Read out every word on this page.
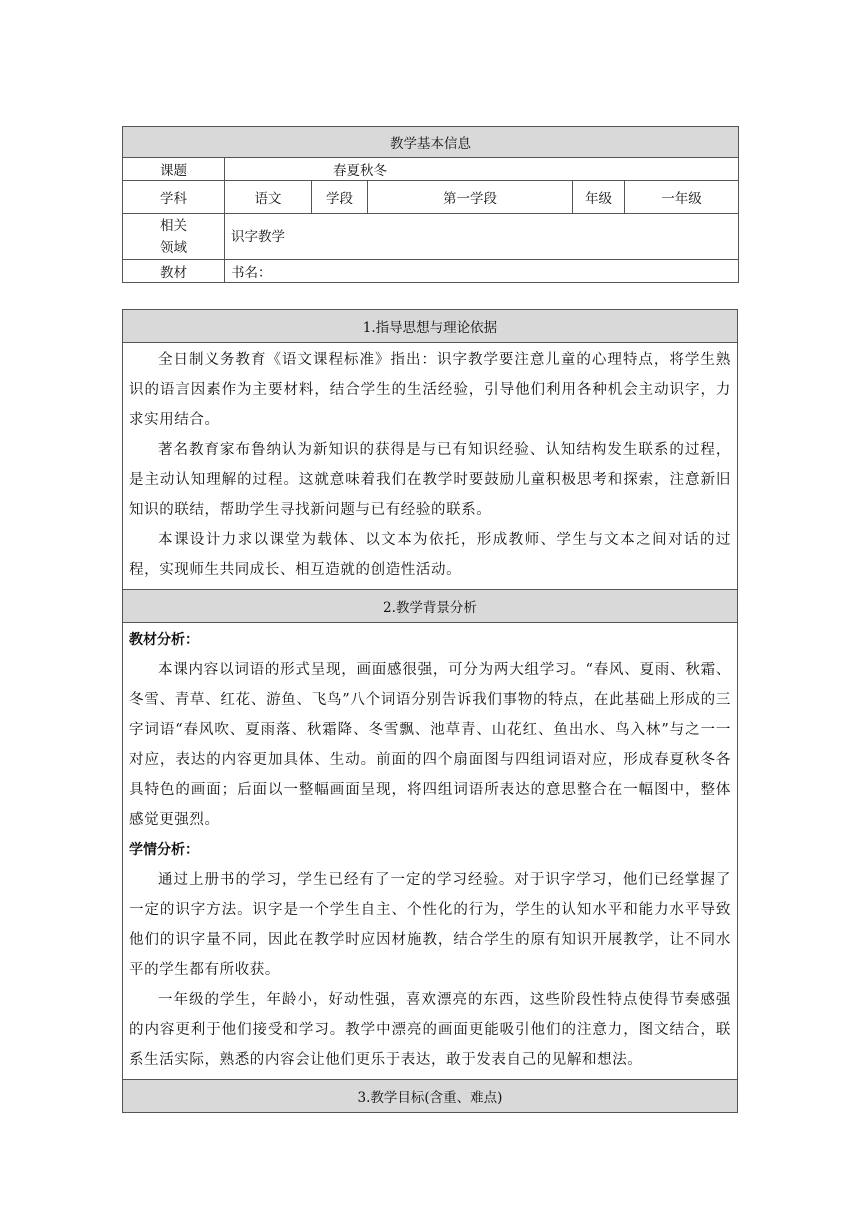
教学基本信息					
课题	春夏秋冬				
学科	语文	学段	第一学段	年级	一年级

相关
领域	识字教学				
教材	书名：				
1.指导思想与理论依据

全日制义务教育《语文课程标准》指出：识字教学要注意儿童的心理特点，将学生熟识的语言因素作为主要材料，结合学生的生活经验，引导他们利用各种机会主动识字，力求实用结合。

著名教育家布鲁纳认为新知识的获得是与已有知识经验、认知结构发生联系的过程，是主动认知理解的过程。这就意味着我们在教学时要鼓励儿童积极思考和探索，注意新旧知识的联结，帮助学生寻找新问题与已有经验的联系。

本课设计力求以课堂为载体、以文本为依托，形成教师、学生与文本之间对话的过程，实现师生共同成长、相互造就的创造性活动。

2.教学背景分析

教材分析：

本课内容以词语的形式呈现，画面感很强，可分为两大组学习。“春风、夏雨、秋霜、冬雪、青草、红花、游鱼、飞鸟”八个词语分别告诉我们事物的特点，在此基础上形成的三字词语“春风吹、夏雨落、秋霜降、冬雪飘、池草青、山花红、鱼出水、鸟入林”与之一一对应，表达的内容更加具体、生动。前面的四个扇面图与四组词语对应，形成春夏秋冬各具特色的画面；后面以一整幅画面呈现，将四组词语所表达的意思整合在一幅图中，整体感觉更强烈。

学情分析：

通过上册书的学习，学生已经有了一定的学习经验。对于识字学习，他们已经掌握了一定的识字方法。识字是一个学生自主、个性化的行为，学生的认知水平和能力水平导致他们的识字量不同，因此在教学时应因材施教，结合学生的原有知识开展教学，让不同水平的学生都有所收获。

一年级的学生，年龄小，好动性强，喜欢漂亮的东西，这些阶段性特点使得节奏感强的内容更利于他们接受和学习。教学中漂亮的画面更能吸引他们的注意力，图文结合，联系生活实际，熟悉的内容会让他们更乐于表达，敢于发表自己的见解和想法。

3.教学目标(含重、难点)
